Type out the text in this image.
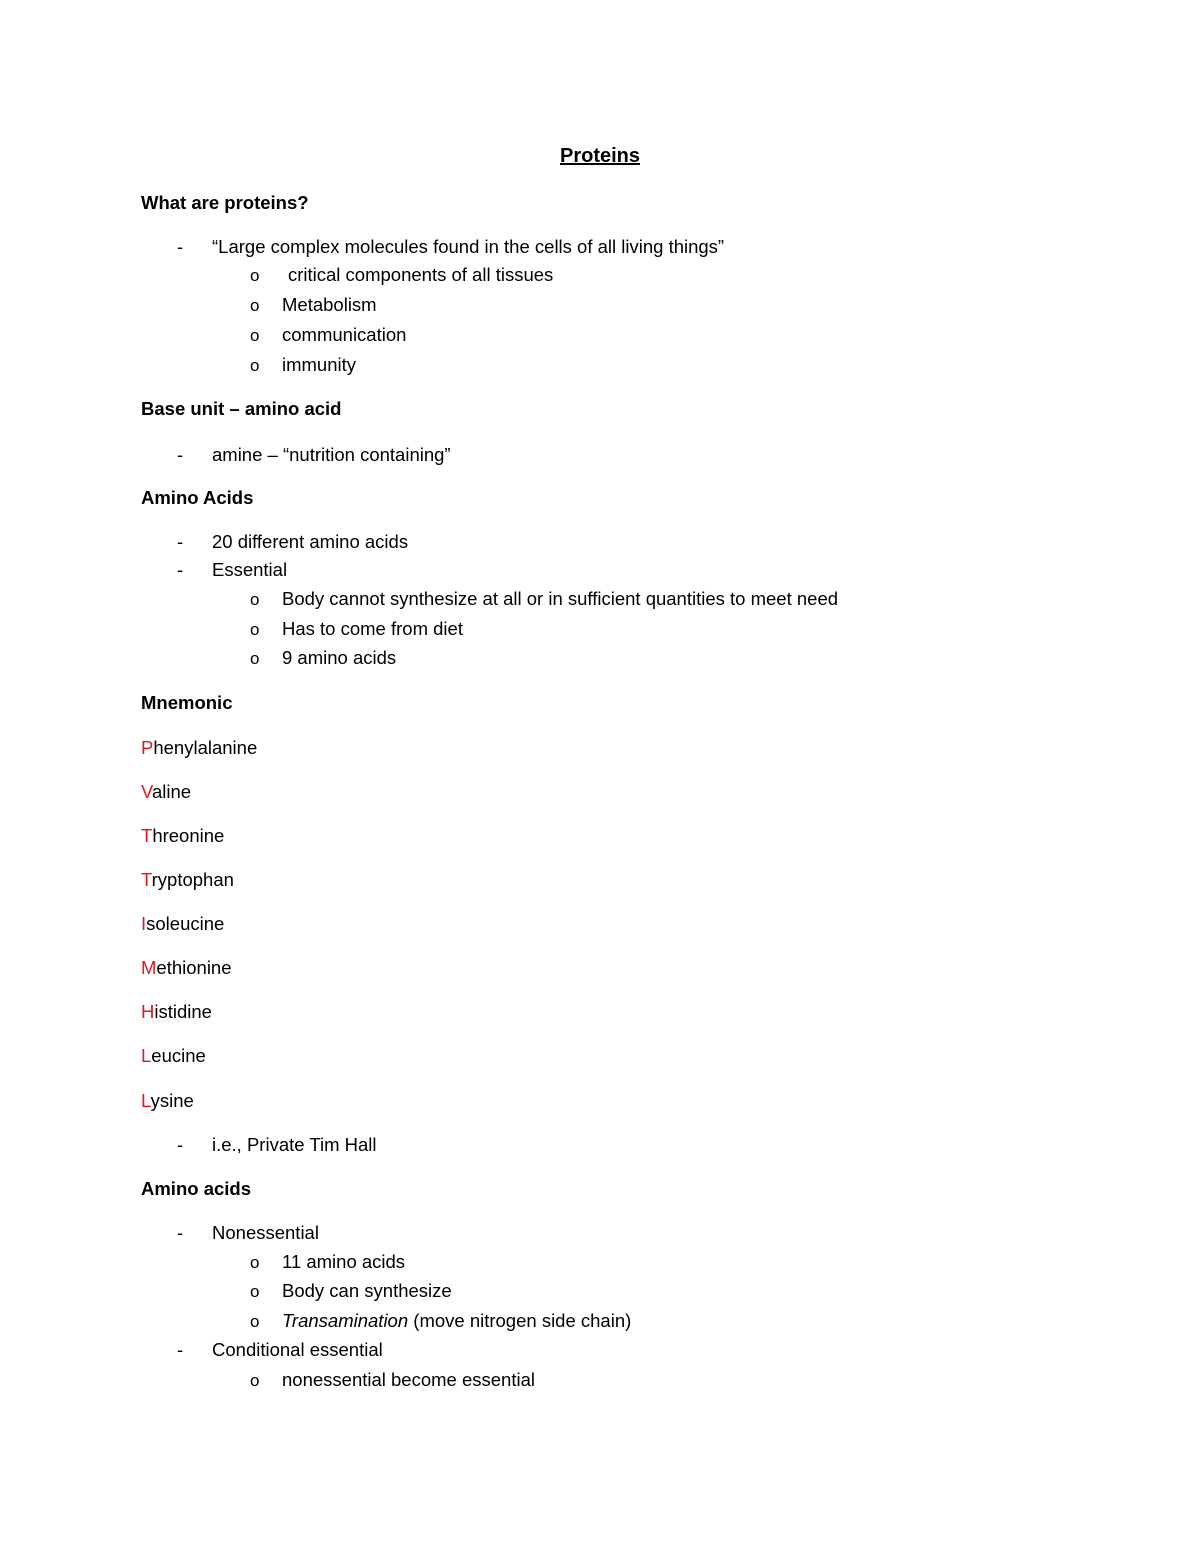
Proteins
What are proteins?
- “Large complex molecules found in the cells of all living things”
o critical components of all tissues
o Metabolism
o communication
o immunity
Base unit – amino acid
- amine – “nutrition containing”
Amino Acids
- 20 different amino acids
- Essential
o Body cannot synthesize at all or in sufficient quantities to meet need
o Has to come from diet
o 9 amino acids
Mnemonic
Phenylalanine
Valine
Threonine
Tryptophan
Isoleucine
Methionine
Histidine
Leucine
Lysine
- i.e., Private Tim Hall
Amino acids
- Nonessential
o 11 amino acids
o Body can synthesize
o Transamination (move nitrogen side chain)
- Conditional essential
o nonessential become essential
